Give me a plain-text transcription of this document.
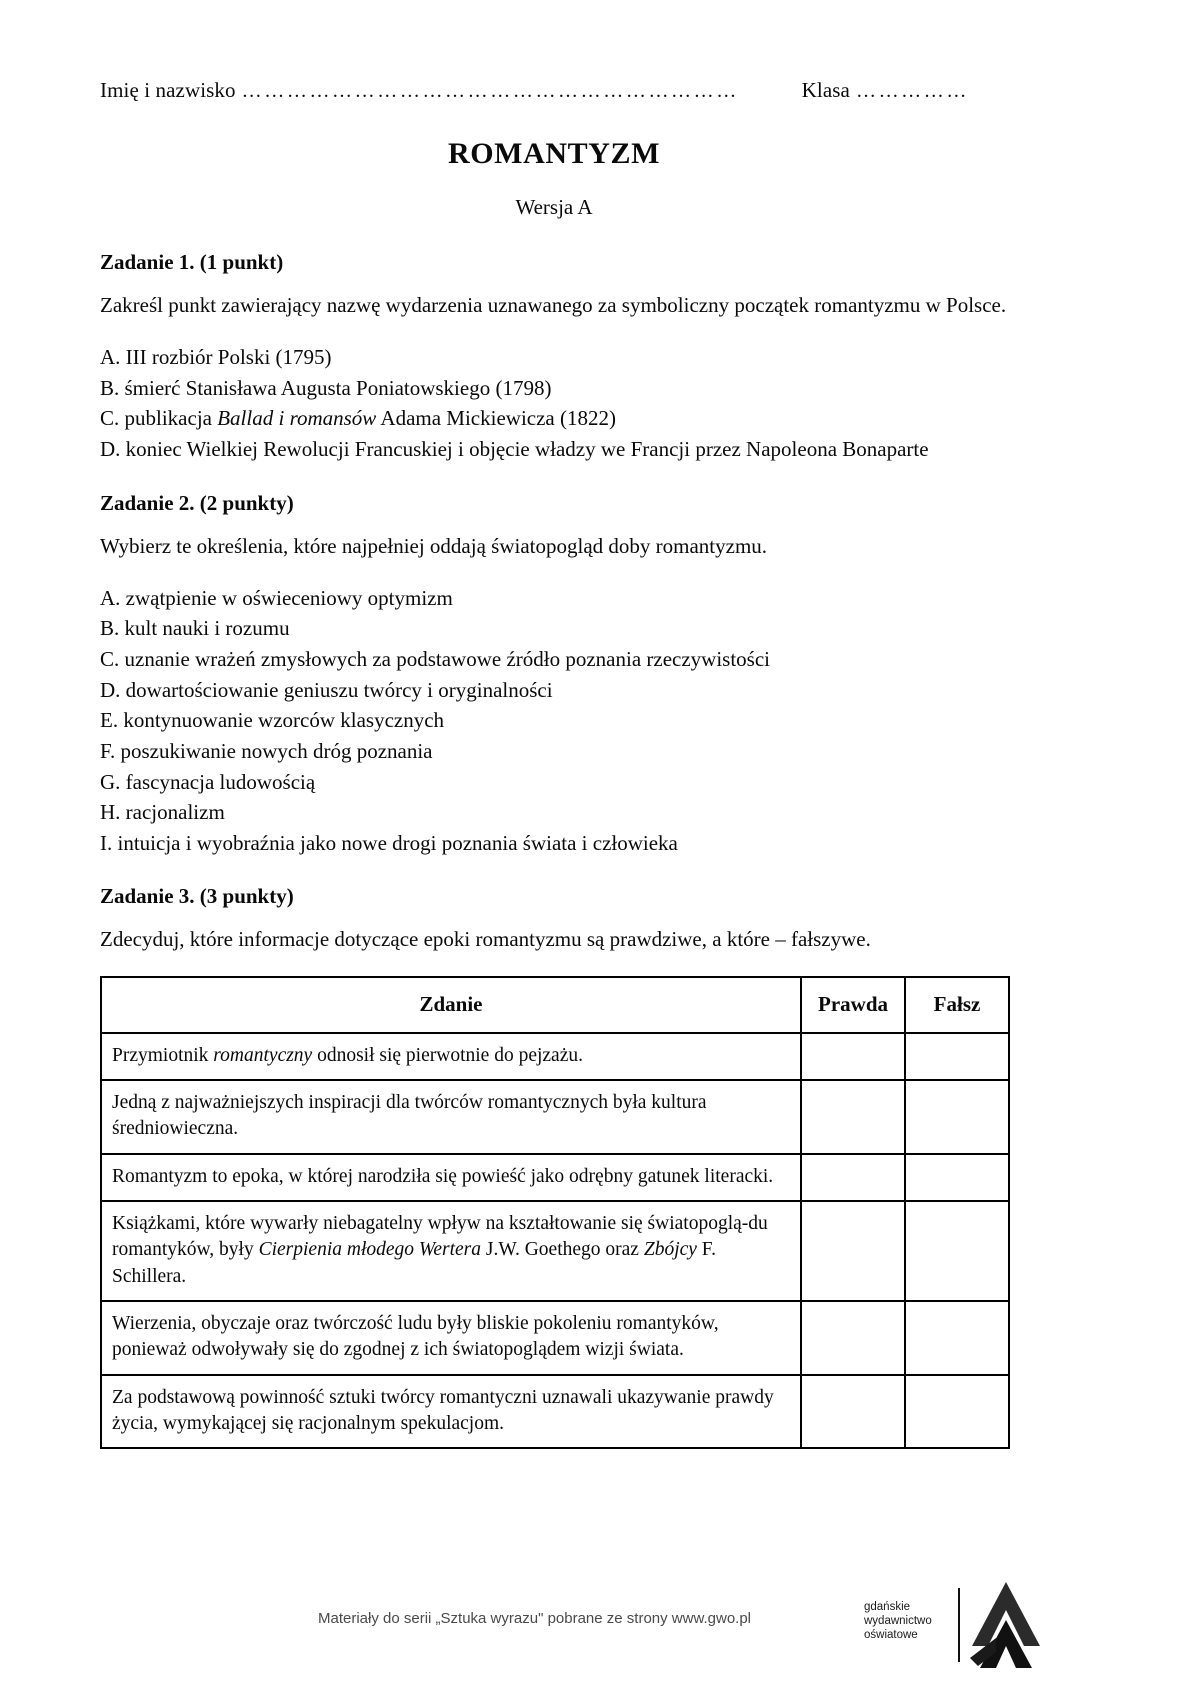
Imię i nazwisko …………………………………………………………	Klasa ……………
ROMANTYZM
Wersja A
Zadanie 1. (1 punkt)

Zakreśl punkt zawierający nazwę wydarzenia uznawanego za symboliczny początek romantyzmu w Polsce.

A. III rozbiór Polski (1795)
B. śmierć Stanisława Augusta Poniatowskiego (1798)
C. publikacja Ballad i romansów Adama Mickiewicza (1822)
D. koniec Wielkiej Rewolucji Francuskiej i objęcie władzy we Francji przez Napoleona Bonaparte
Zadanie 2. (2 punkty)

Wybierz te określenia, które najpełniej oddają światopogląd doby romantyzmu.

A. zwątpienie w oświeceniowy optymizm
B. kult nauki i rozumu
C. uznanie wrażeń zmysłowych za podstawowe źródło poznania rzeczywistości
D. dowartościowanie geniuszu twórcy i oryginalności
E. kontynuowanie wzorców klasycznych
F. poszukiwanie nowych dróg poznania
G. fascynacja ludowością
H. racjonalizm
I. intuicja i wyobraźnia jako nowe drogi poznania świata i człowieka
Zadanie 3. (3 punkty)

Zdecyduj, które informacje dotyczące epoki romantyzmu są prawdziwe, a które – fałszywe.

Zdanie	Prawda	Fałsz
Przymiotnik romantyczny odnosił się pierwotnie do pejzażu.		
Jedną z najważniejszych inspiracji dla twórców romantycznych była kultura średniowieczna.		
Romantyzm to epoka, w której narodziła się powieść jako odrębny gatunek literacki.		
Książkami, które wywarły niebagatelny wpływ na kształtowanie się światopoglą-du romantyków, były Cierpienia młodego Wertera J.W. Goethego oraz Zbójcy F. Schillera.		
Wierzenia, obyczaje oraz twórczość ludu były bliskie pokoleniu romantyków, ponieważ odwoływały się do zgodnej z ich światopoglądem wizji świata.		
Za podstawową powinność sztuki twórcy romantyczni uznawali ukazywanie prawdy życia, wymykającej się racjonalnym spekulacjom.		
Materiały do serii „Sztuka wyrazu" pobrane ze strony www.gwo.pl
gdańskie
wydawnictwo
oświatowe
